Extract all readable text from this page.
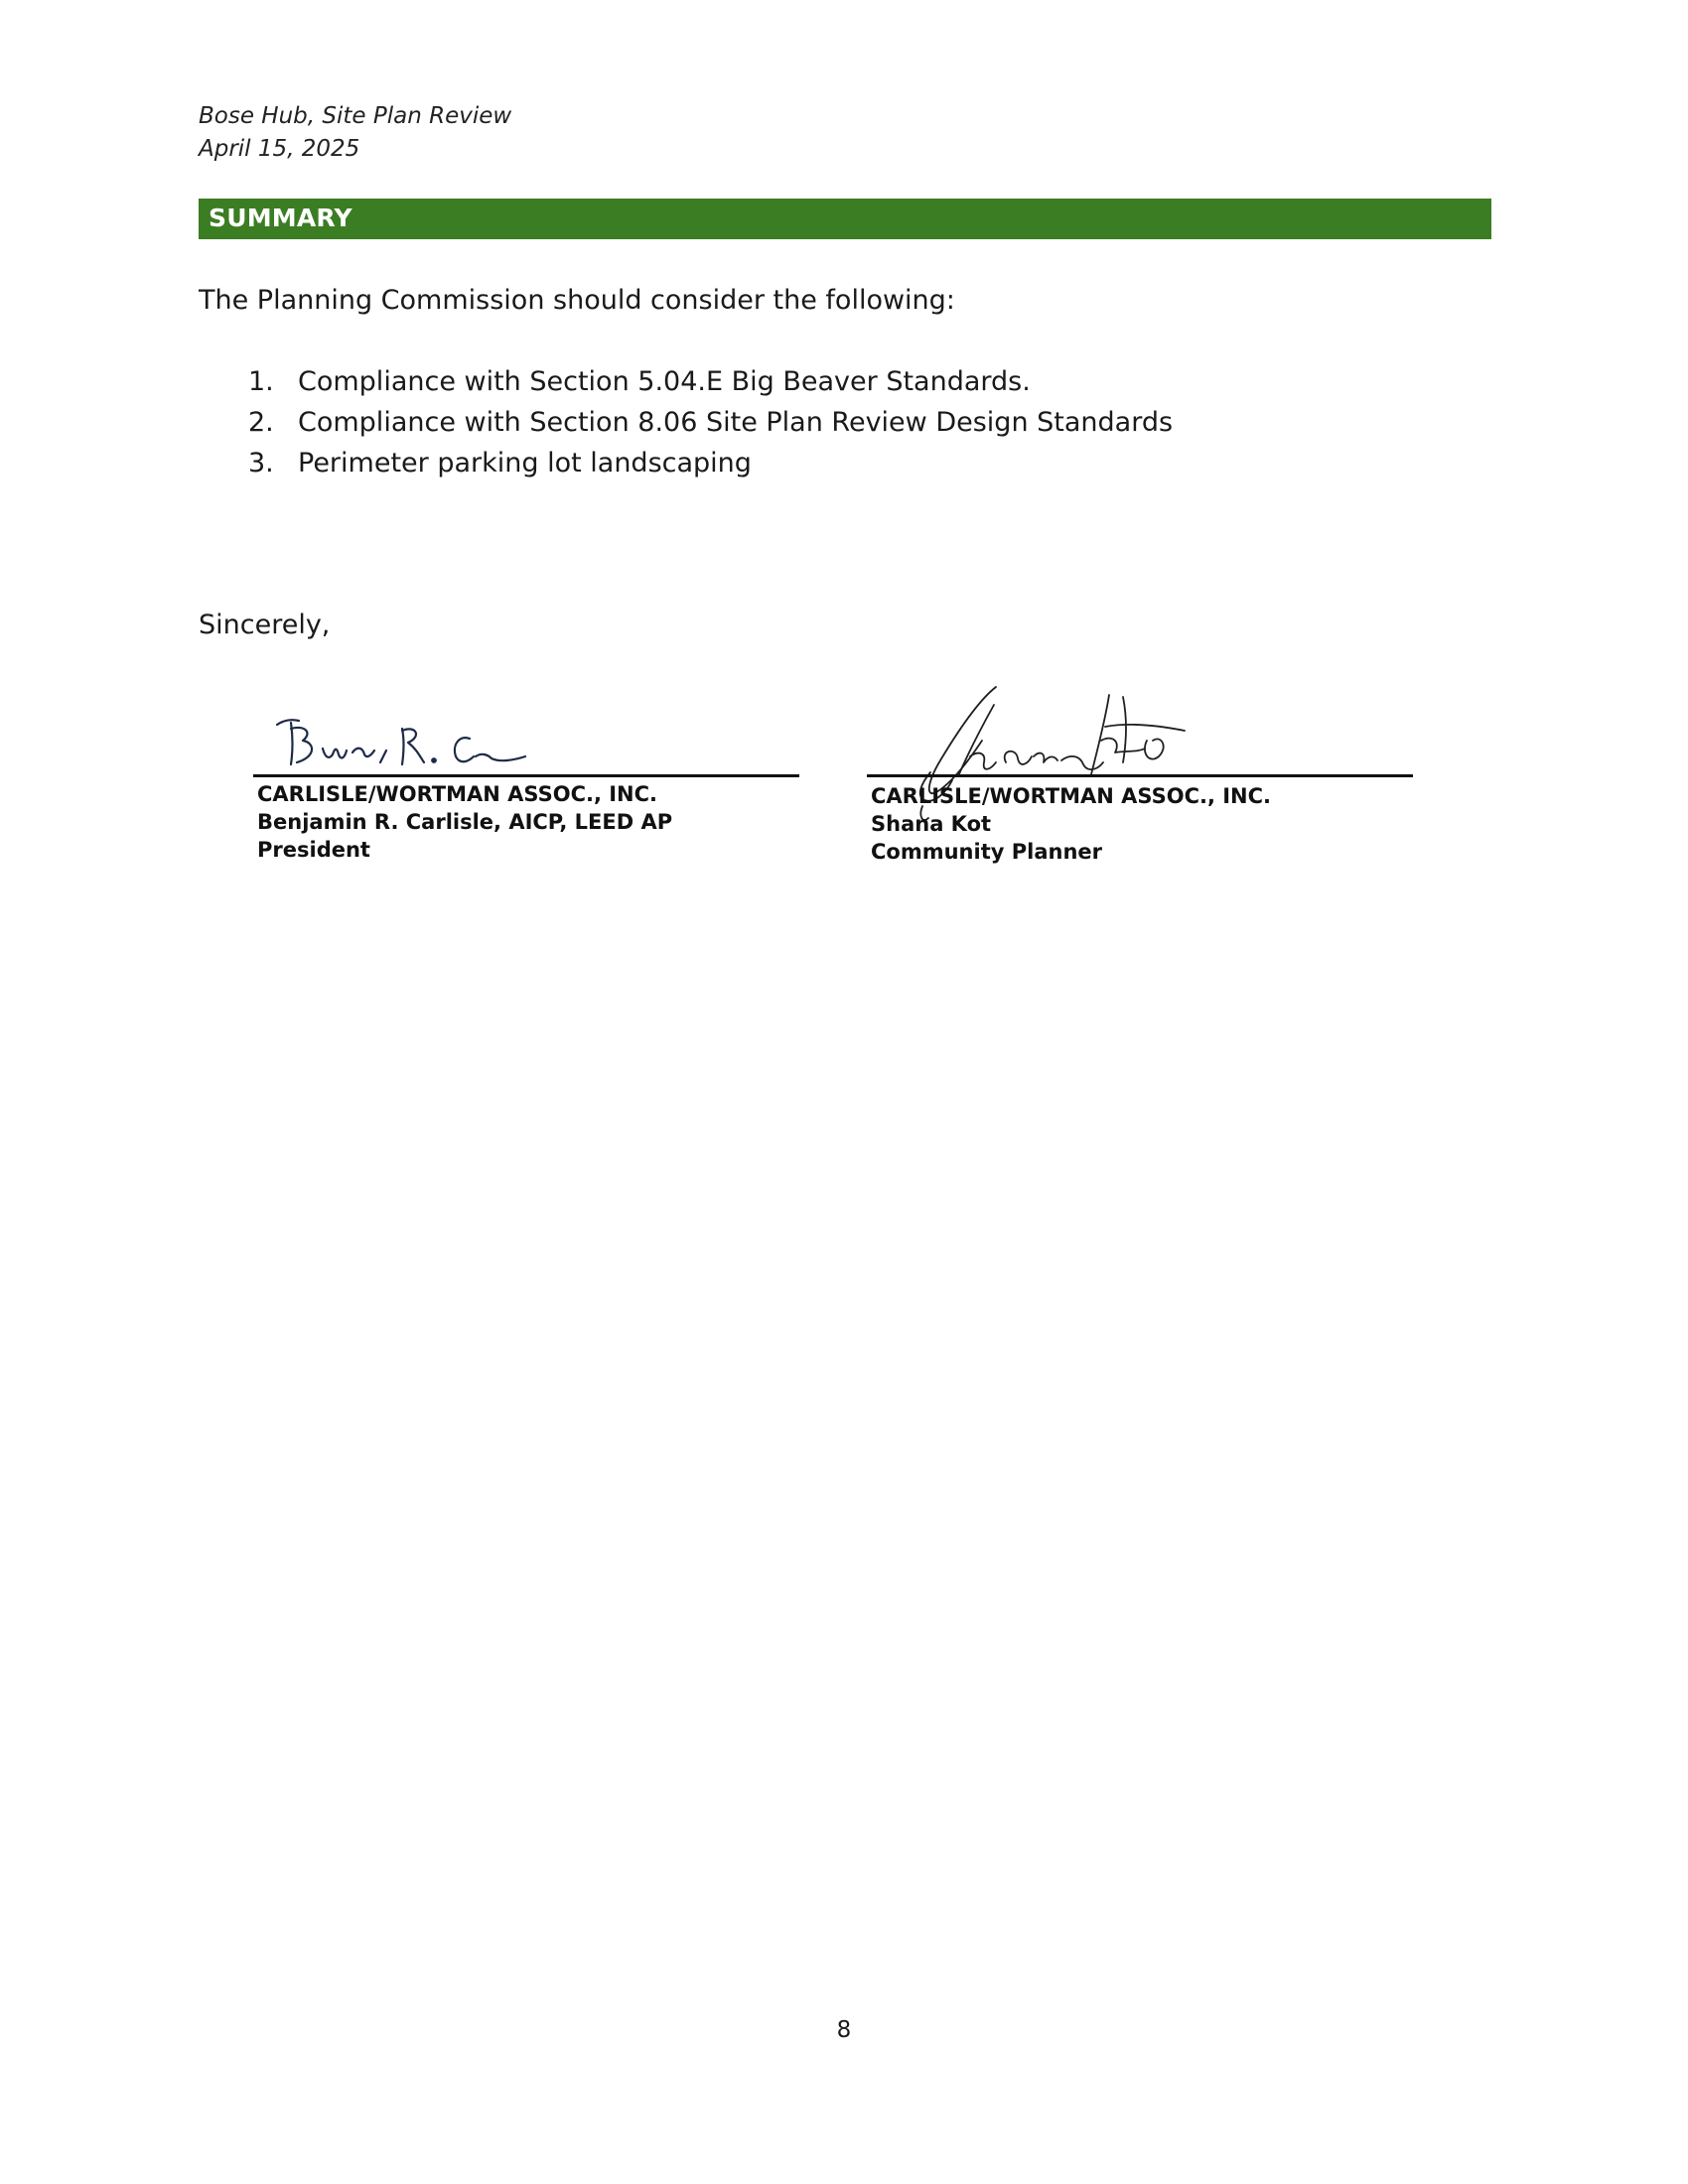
Bose Hub, Site Plan Review
April 15, 2025
SUMMARY
The Planning Commission should consider the following:
1. Compliance with Section 5.04.E Big Beaver Standards.
2. Compliance with Section 8.06 Site Plan Review Design Standards
3. Perimeter parking lot landscaping
Sincerely,
CARLISLE/WORTMAN ASSOC., INC.
Benjamin R. Carlisle, AICP, LEED AP
President
CARLISLE/WORTMAN ASSOC., INC.
Shana Kot
Community Planner
8
